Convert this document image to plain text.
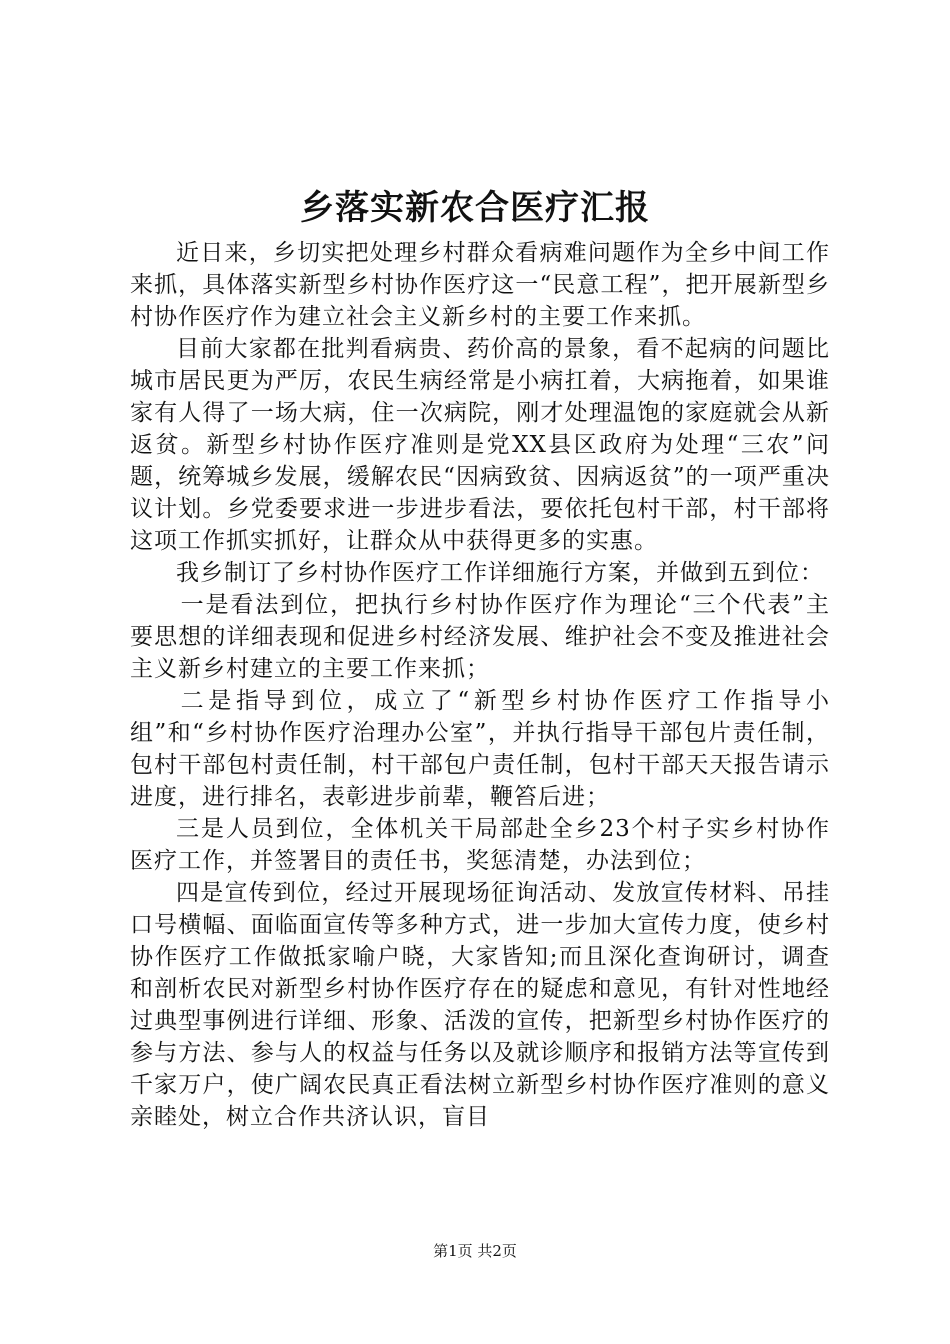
乡落实新农合医疗汇报

近日来，乡切实把处理乡村群众看病难问题作为全乡中间工作来抓，具体落实新型乡村协作医疗这一“民意工程”，把开展新型乡村协作医疗作为建立社会主义新乡村的主要工作来抓。

目前大家都在批判看病贵、药价高的景象，看不起病的问题比城市居民更为严厉，农民生病经常是小病扛着，大病拖着，如果谁家有人得了一场大病，住一次病院，刚才处理温饱的家庭就会从新返贫。新型乡村协作医疗准则是党XX县区政府为处理“三农”问题，统筹城乡发展，缓解农民“因病致贫、因病返贫”的一项严重决议计划。乡党委要求进一步进步看法，要依托包村干部，村干部将这项工作抓实抓好，让群众从中获得更多的实惠。

我乡制订了乡村协作医疗工作详细施行方案，并做到五到位：

一是看法到位，把执行乡村协作医疗作为理论“三个代表”主要思想的详细表现和促进乡村经济发展、维护社会不变及推进社会主义新乡村建立的主要工作来抓；

二是指导到位，成立了“新型乡村协作医疗工作指导小组”和“乡村协作医疗治理办公室”，并执行指导干部包片责任制，包村干部包村责任制，村干部包户责任制，包村干部天天报告请示进度，进行排名，表彰进步前辈，鞭笞后进；

三是人员到位，全体机关干局部赴全乡23个村子实乡村协作医疗工作，并签署目的责任书，奖惩清楚，办法到位；

四是宣传到位，经过开展现场征询活动、发放宣传材料、吊挂口号横幅、面临面宣传等多种方式，进一步加大宣传力度，使乡村协作医疗工作做抵家喻户晓，大家皆知;而且深化查询研讨，调查和剖析农民对新型乡村协作医疗存在的疑虑和意见，有针对性地经过典型事例进行详细、形象、活泼的宣传，把新型乡村协作医疗的参与方法、参与人的权益与任务以及就诊顺序和报销方法等宣传到千家万户，使广阔农民真正看法树立新型乡村协作医疗准则的意义亲睦处，树立合作共济认识，盲目

第1页 共2页
